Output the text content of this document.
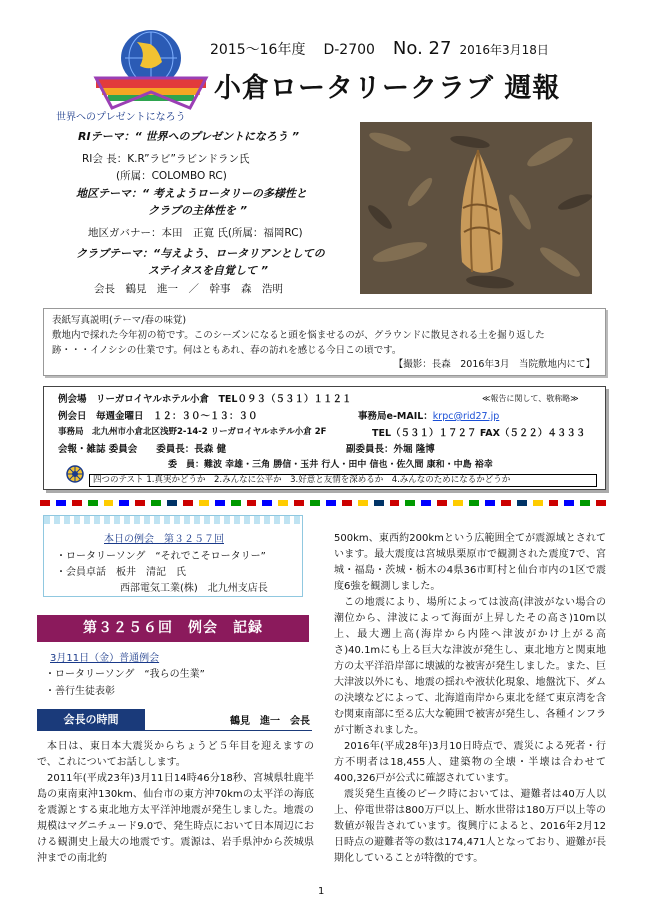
世界へのプレゼントになろう
2015～16年度 D-2700 No. 27 2016年3月18日
小倉ロータリークラブ 週報
RIテーマ：“ 世界へのプレゼントになろう ”
RI会 長：K.R”ラビ”ラビンドラン氏
(所属：COLOMBO RC)
地区テーマ：“ 考えようロータリーの多様性と
クラブの主体性を ”
地区ガバナー：本田　正寛 氏(所属：福岡RC)
クラブテーマ：“与えよう、ロータリアンとしての
ステイタスを自覚して ”
会長　鶴見　進一　／　幹事　森　浩明
表紙写真説明(テーマ/春の味覚)
敷地内で採れた今年初の筍です。このシーズンになると頭を悩ませるのが、グラウンドに散見される土を掘り返した
跡・・・イノシシの仕業です。何はともあれ、春の訪れを感じる今日この頃です。
【撮影：長森　2016年3月　当院敷地内にて】
例会場　リーガロイヤルホテル小倉　TEL０９３（５３１）１１２１	≪報告に関して、敬称略≫
例会日　毎週金曜日　１２：３０～１３：３０	事務局e-MAIL：krpc@rid27.jp
事務局　北九州市小倉北区浅野2-14-2 リーガロイヤルホテル小倉 2F	TEL（５３１）１７２７ FAX（５２２）４３３３
会報・雑誌 委員会　　委員長：長森 健	副委員長：外堀 隆博
委　員：難波 幸雄・三角 勝信・玉井 行人・田中 信也・佐久間 康和・中島 裕幸
四つのテスト 1.真実かどうか　2.みんなに公平か　3.好意と友情を深めるか　4.みんなのためになるかどうか
本日の例会　第３２５７回
・ロータリーソング　“それでこそロータリー”
・会員卓話　板井　清記　氏
西部電気工業(株)　北九州支店長
第３２５６回　例会　記録
3月11日（金）普通例会
・ロータリーソング　“我らの生業”
・善行生徒表彰
会長の時間	鶴見　進一　会長

本日は、東日本大震災からちょうど５年目を迎えますので、これについてお話しします。

2011年(平成23年)3月11日14時46分18秒、宮城県牡鹿半島の東南東沖130km、仙台市の東方沖70kmの太平洋の海底を震源とする東北地方太平洋沖地震が発生しました。地震の規模はマグニチュード9.0で、発生時点において日本周辺における観測史上最大の地震です。震源は、岩手県沖から茨城県沖までの南北約

500km、東西約200kmという広範囲全てが震源域とされています。最大震度は宮城県栗原市で観測された震度7で、宮城・福島・茨城・栃木の4県36市町村と仙台市内の1区で震度6強を観測しました。

この地震により、場所によっては波高(津波がない場合の潮位から、津波によって海面が上昇したその高さ)10m以上、最大遡上高(海岸から内陸へ津波がかけ上がる高さ)40.1mにも上る巨大な津波が発生し、東北地方と関東地方の太平洋沿岸部に壊滅的な被害が発生しました。また、巨大津波以外にも、地震の揺れや液状化現象、地盤沈下、ダムの決壊などによって、北海道南岸から東北を経て東京湾を含む関東南部に至る広大な範囲で被害が発生し、各種インフラが寸断されました。

2016年(平成28年)3月10日時点で、震災による死者・行方不明者は18,455人、建築物の全壊・半壊は合わせて400,326戸が公式に確認されています。

震災発生直後のピーク時においては、避難者は40万人以上、停電世帯は800万戸以上、断水世帯は180万戸以上等の数値が報告されています。復興庁によると、2016年2月12日時点の避難者等の数は174,471人となっており、避難が長期化していることが特徴的です。

1
